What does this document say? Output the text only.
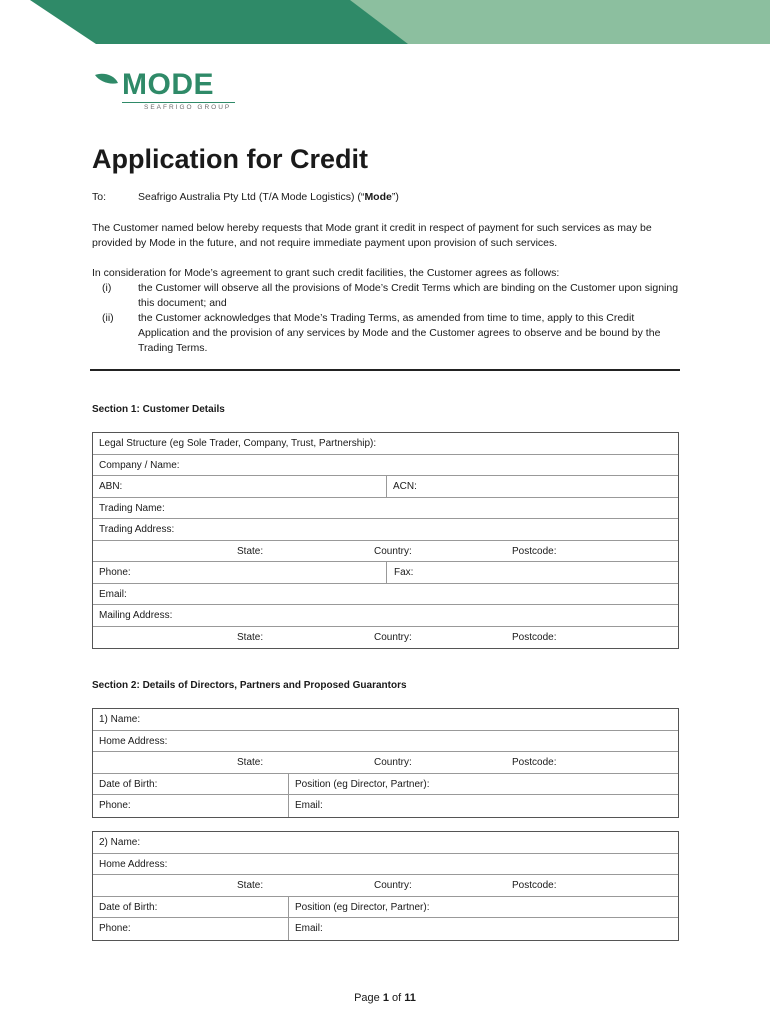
MODE
SEAFRIGO GROUP
Application for Credit
To:	Seafrigo Australia Pty Ltd (T/A Mode Logistics) (“Mode”)

The Customer named below hereby requests that Mode grant it credit in respect of payment for such services as may be provided by Mode in the future, and not require immediate payment upon provision of such services.

In consideration for Mode’s agreement to grant such credit facilities, the Customer agrees as follows:

(i)	the Customer will observe all the provisions of Mode’s Credit Terms which are binding on the Customer upon signing this document; and
(ii) the Customer acknowledges that Mode’s Trading Terms, as amended from time to time, apply to this Credit Application and the provision of any services by Mode and the Customer agrees to observe and be bound by the Trading Terms.
Section 1: Customer Details
Legal Structure (eg Sole Trader, Company, Trust, Partnership):
Company / Name:
ABN:	ACN:
Trading Name:
Trading Address:
State:	Country:	Postcode:
Phone:	Fax:
Email:
Mailing Address:
State:	Country:	Postcode:
Section 2: Details of Directors, Partners and Proposed Guarantors
1) Name:
Home Address:
State:	Country:	Postcode:
Date of Birth:	Position (eg Director, Partner):
Phone:	Email:
2) Name:
Home Address:
State:	Country:	Postcode:
Date of Birth:	Position (eg Director, Partner):
Phone:	Email:
Page 1 of 11
